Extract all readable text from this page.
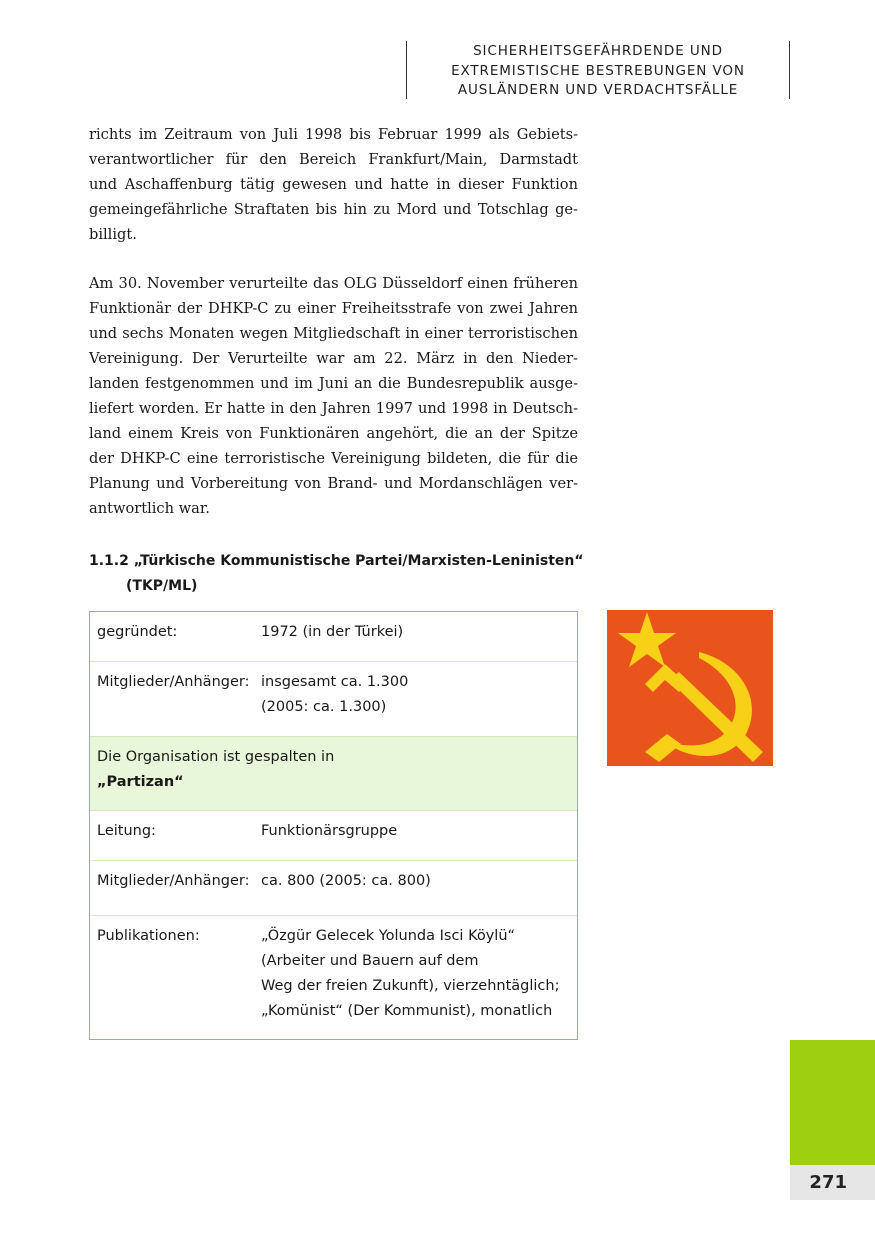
SICHERHEITSGEFÄHRDENDE UND
EXTREMISTISCHE BESTREBUNGEN VON
AUSLÄNDERN UND VERDACHTSFÄLLE
richts im Zeitraum von Juli 1998 bis Februar 1999 als Gebiets-
verantwortlicher für den Bereich Frankfurt/Main, Darmstadt
und Aschaffenburg tätig gewesen und hatte in dieser Funktion
gemeingefährliche Straftaten bis hin zu Mord und Totschlag ge-
billigt.
Am 30. November verurteilte das OLG Düsseldorf einen früheren
Funktionär der DHKP-C zu einer Freiheitsstrafe von zwei Jahren
und sechs Monaten wegen Mitgliedschaft in einer terroristischen
Vereinigung. Der Verurteilte war am 22. März in den Nieder-
landen festgenommen und im Juni an die Bundesrepublik ausge-
liefert worden. Er hatte in den Jahren 1997 und 1998 in Deutsch-
land einem Kreis von Funktionären angehört, die an der Spitze
der DHKP-C eine terroristische Vereinigung bildeten, die für die
Planung und Vorbereitung von Brand- und Mordanschlägen ver-
antwortlich war.
1.1.2 „Türkische Kommunistische Partei/Marxisten-Leninisten“
(TKP/ML)
gegründet:	1972 (in der Türkei)
Mitglieder/Anhänger: insgesamt ca. 1.300
(2005: ca. 1.300)
Die Organisation ist gespalten in
„Partizan“
Leitung:	Funktionärsgruppe
Mitglieder/Anhänger: ca. 800 (2005: ca. 800)
Publikationen:	„Özgür Gelecek Yolunda Isci Köylü“
(Arbeiter und Bauern auf dem
Weg der freien Zukunft), vierzehntäglich;
„Komünist“ (Der Kommunist), monatlich
271
